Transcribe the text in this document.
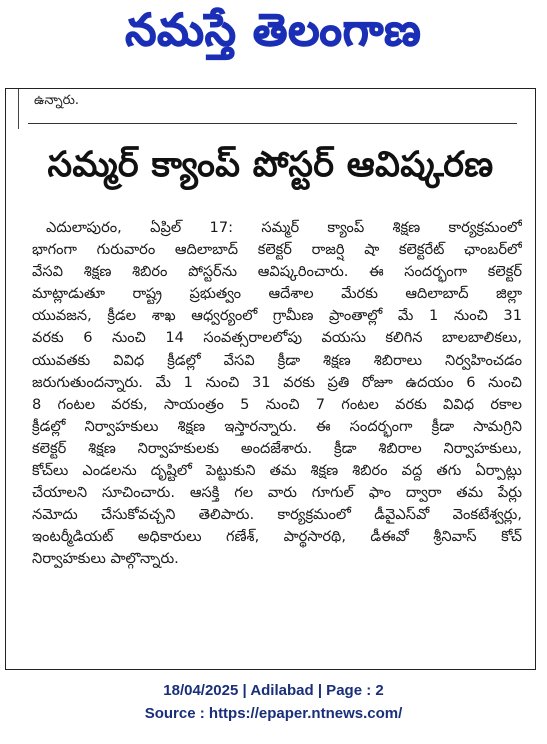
నమస్తే తెలంగాణ
ఉన్నారు.
సమ్మర్ క్యాంప్ పోస్టర్ ఆవిష్కరణ
ఎదులాపురం, ఏప్రిల్ 17: సమ్మర్ క్యాంప్ శిక్షణ కార్యక్రమంలో
భాగంగా గురువారం ఆదిలాబాద్ కలెక్టర్ రాజర్షి షా కలెక్టరేట్ ఛాంబర్‌లో
వేసవి శిక్షణ శిబిరం పోస్టర్‌ను ఆవిష్కరించారు. ఈ సందర్భంగా కలెక్టర్
మాట్లాడుతూ రాష్ట్ర ప్రభుత్వం ఆదేశాల మేరకు ఆదిలాబాద్ జిల్లా
యువజన, క్రీడల శాఖ ఆధ్వర్యంలో గ్రామీణ ప్రాంతాల్లో మే 1 నుంచి 31
వరకు 6 నుంచి 14 సంవత్సరాలలోపు వయసు కలిగిన బాలబాలికలు,
యువతకు వివిధ క్రీడల్లో వేసవి క్రీడా శిక్షణ శిబిరాలు నిర్వహించడం
జరుగుతుందన్నారు. మే 1 నుంచి 31 వరకు ప్రతి రోజూ ఉదయం 6 నుంచి
8 గంటల వరకు, సాయంత్రం 5 నుంచి 7 గంటల వరకు వివిధ రకాల
క్రీడల్లో నిర్వాహకులు శిక్షణ ఇస్తారన్నారు. ఈ సందర్భంగా క్రీడా సామగ్రిని
కలెక్టర్ శిక్షణ నిర్వాహకులకు అందజేశారు. క్రీడా శిబిరాల నిర్వాహకులు,
కోచ్‌లు ఎండలను దృష్టిలో పెట్టుకుని తమ శిక్షణ శిబిరం వద్ద తగు ఏర్పాట్లు
చేయాలని సూచించారు. ఆసక్తి గల వారు గూగుల్ ఫాం ద్వారా తమ పేర్లు
నమోదు చేసుకోవచ్చని తెలిపారు. కార్యక్రమంలో డీవైఎస్‌వో వెంకటేశ్వర్లు,
ఇంటర్మీడియట్ అధికారులు గణేశ్, పార్థసారథి, డీఈవో శ్రీనివాస్ కోచ్
నిర్వాహకులు పాల్గొన్నారు.
18/04/2025 | Adilabad | Page : 2
Source : https://epaper.ntnews.com/
